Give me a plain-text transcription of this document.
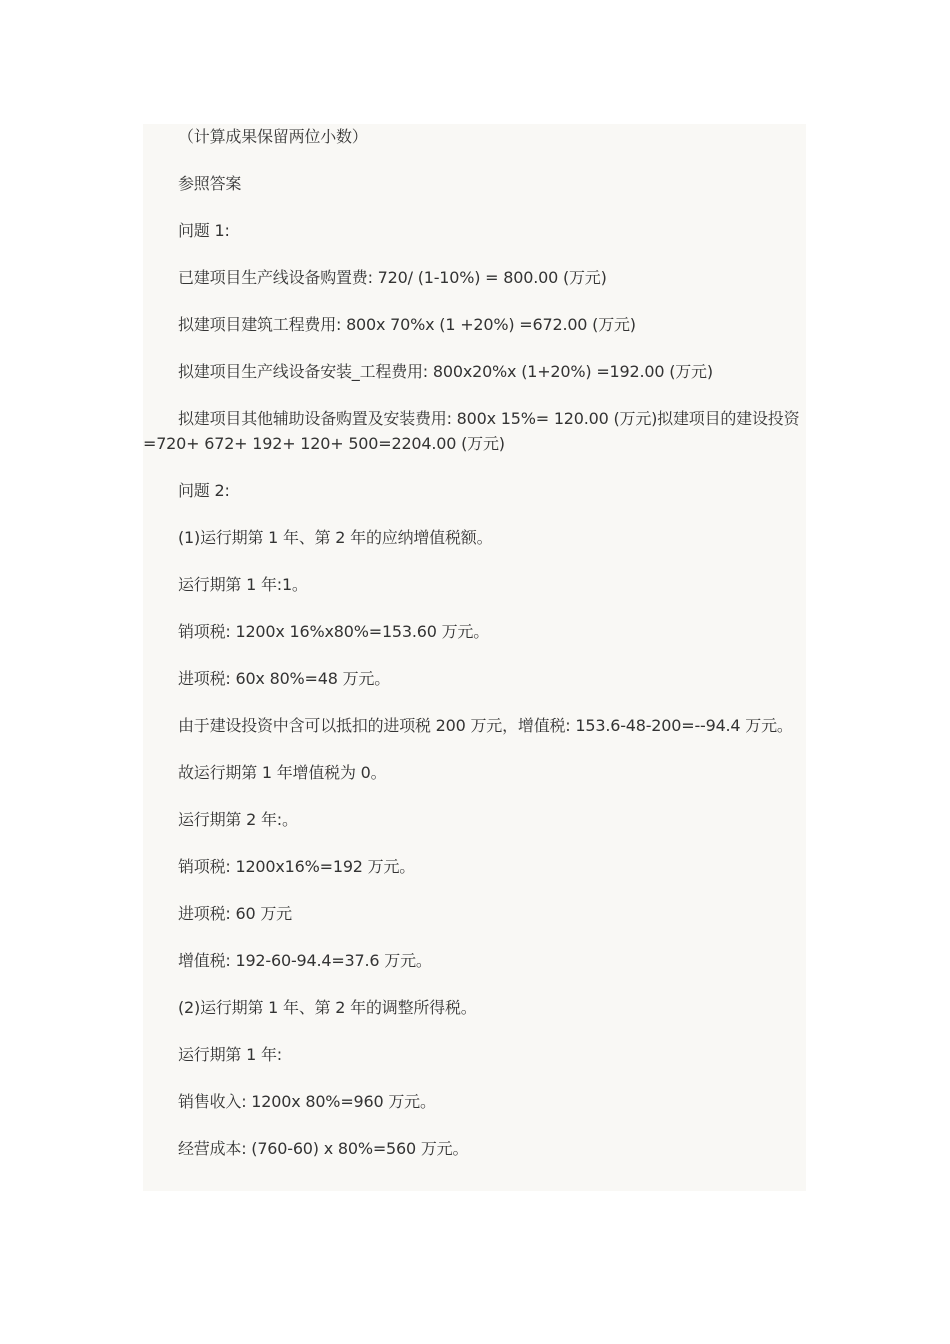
（计算成果保留两位小数）

参照答案

问题 1:

已建项目生产线设备购置费: 720/ (1-10%) = 800.00 (万元)

拟建项目建筑工程费用: 800x 70%x (1 +20%) =672.00 (万元)

拟建项目生产线设备安装_工程费用: 800x20%x (1+20%) =192.00 (万元)

拟建项目其他辅助设备购置及安装费用: 800x 15%= 120.00 (万元)拟建项目的建设投资=720+ 672+ 192+ 120+ 500=2204.00 (万元)

问题 2:

(1)运行期第 1 年、第 2 年的应纳增值税额。

运行期第 1 年:1。

销项税: 1200x 16%x80%=153.60 万元。

进项税: 60x 80%=48 万元。

由于建设投资中含可以抵扣的进项税 200 万元，增值税: 153.6-48-200=--94.4 万元。

故运行期第 1 年增值税为 0。

运行期第 2 年:。

销项税: 1200x16%=192 万元。

进项税: 60 万元

增值税: 192-60-94.4=37.6 万元。

(2)运行期第 1 年、第 2 年的调整所得税。

运行期第 1 年:

销售收入: 1200x 80%=960 万元。

经营成本: (760-60) x 80%=560 万元。
